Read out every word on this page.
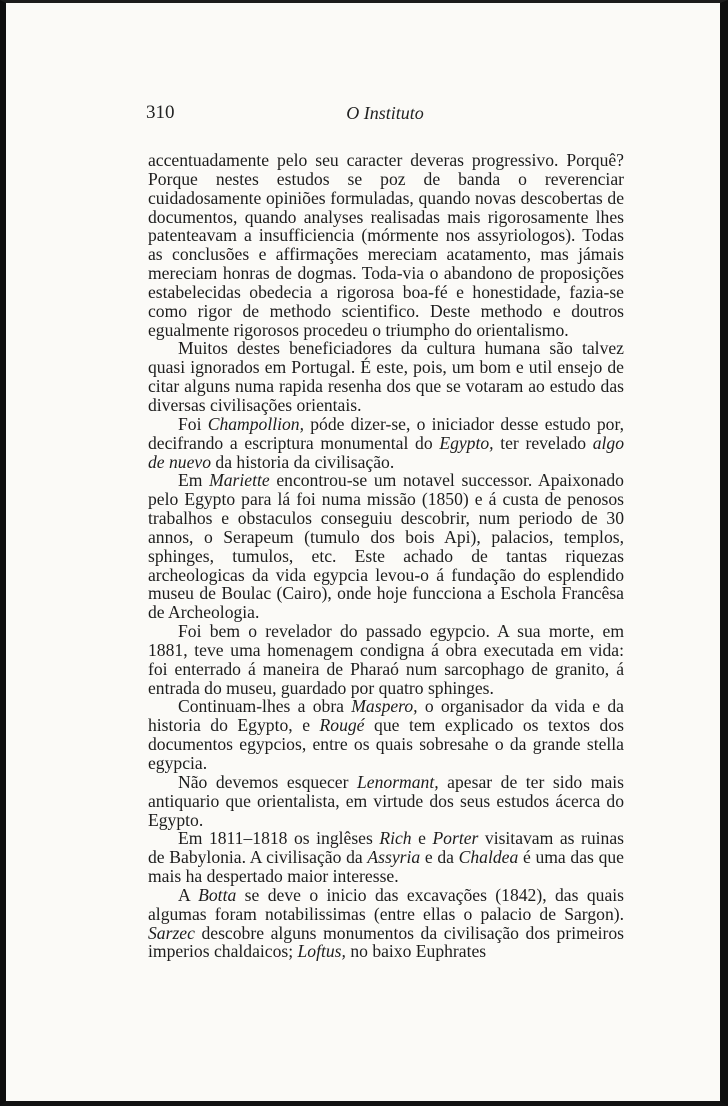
310	O Instituto

accentuadamente pelo seu caracter deveras progressivo. Porquê? Porque nestes estudos se poz de banda o reverenciar cuidadosamente opiniões formuladas, quando novas descobertas de documentos, quando analyses realisadas mais rigorosamente lhes patenteavam a insufficiencia (mórmente nos assyriologos). Todas as conclusões e affirmações mereciam acatamento, mas jámais mereciam honras de dogmas. Toda-via o abandono de proposições estabelecidas obedecia a rigorosa boa-fé e honestidade, fazia-se como rigor de methodo scientifico. Deste methodo e doutros egualmente rigorosos procedeu o triumpho do orientalismo.

Muitos destes beneficiadores da cultura humana são talvez quasi ignorados em Portugal. É este, pois, um bom e util ensejo de citar alguns numa rapida resenha dos que se votaram ao estudo das diversas civilisações orientais.

Foi Champollion, póde dizer-se, o iniciador desse estudo por, decifrando a escriptura monumental do Egypto, ter revelado algo de nuevo da historia da civilisação.

Em Mariette encontrou-se um notavel successor. Apaixonado pelo Egypto para lá foi numa missão (1850) e á custa de penosos trabalhos e obstaculos conseguiu descobrir, num periodo de 30 annos, o Serapeum (tumulo dos bois Api), palacios, templos, sphinges, tumulos, etc. Este achado de tantas riquezas archeologicas da vida egypcia levou-o á fundação do esplendido museu de Boulac (Cairo), onde hoje funcciona a Eschola Francêsa de Archeologia.

Foi bem o revelador do passado egypcio. A sua morte, em 1881, teve uma homenagem condigna á obra executada em vida: foi enterrado á maneira de Pharaó num sarcophago de granito, á entrada do museu, guardado por quatro sphinges.

Continuam-lhes a obra Maspero, o organisador da vida e da historia do Egypto, e Rougé que tem explicado os textos dos documentos egypcios, entre os quais sobresahe o da grande stella egypcia.

Não devemos esquecer Lenormant, apesar de ter sido mais antiquario que orientalista, em virtude dos seus estudos ácerca do Egypto.

Em 1811–1818 os inglêses Rich e Porter visitavam as ruinas de Babylonia. A civilisação da Assyria e da Chaldea é uma das que mais ha despertado maior interesse.

A Botta se deve o inicio das excavações (1842), das quais algumas foram notabilissimas (entre ellas o palacio de Sargon). Sarzec descobre alguns monumentos da civilisação dos primeiros imperios chaldaicos; Loftus, no baixo Euphrates
